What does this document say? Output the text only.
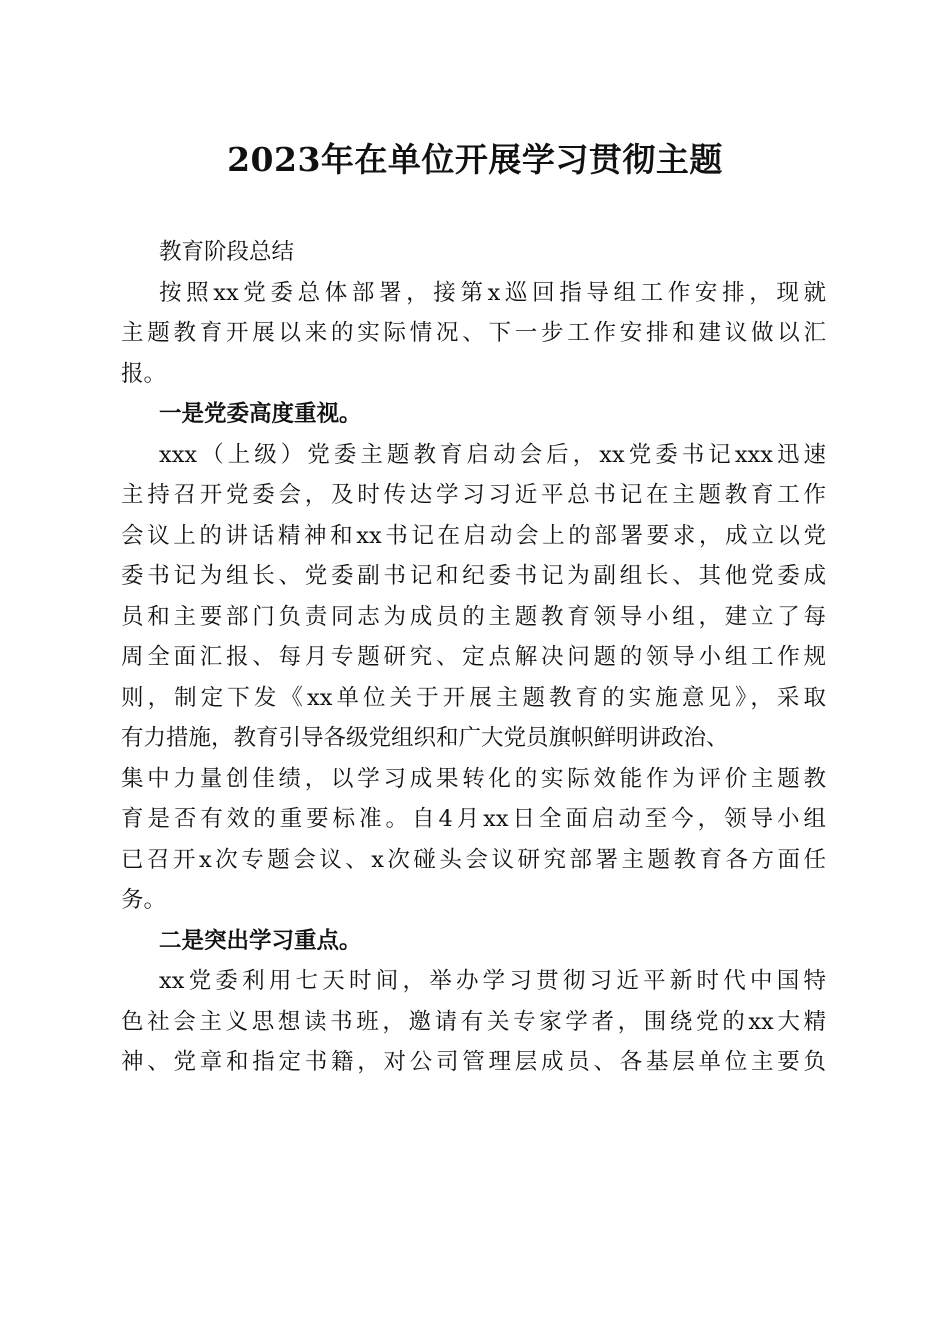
2023年在单位开展学习贯彻主题
教育阶段总结
按照xx党委总体部署，接第x巡回指导组工作安排，现就
主题教育开展以来的实际情况、下一步工作安排和建议做以汇
报。
一是党委高度重视。
xxx（上级）党委主题教育启动会后，xx党委书记xxx迅速
主持召开党委会，及时传达学习习近平总书记在主题教育工作
会议上的讲话精神和xx书记在启动会上的部署要求，成立以党
委书记为组长、党委副书记和纪委书记为副组长、其他党委成
员和主要部门负责同志为成员的主题教育领导小组，建立了每
周全面汇报、每月专题研究、定点解决问题的领导小组工作规
则，制定下发《xx单位关于开展主题教育的实施意见》，采取
有力措施，教育引导各级党组织和广大党员旗帜鲜明讲政治、
集中力量创佳绩，以学习成果转化的实际效能作为评价主题教
育是否有效的重要标准。自4月xx日全面启动至今，领导小组
已召开x次专题会议、x次碰头会议研究部署主题教育各方面任
务。
二是突出学习重点。
xx党委利用七天时间，举办学习贯彻习近平新时代中国特
色社会主义思想读书班，邀请有关专家学者，围绕党的xx大精
神、党章和指定书籍，对公司管理层成员、各基层单位主要负
